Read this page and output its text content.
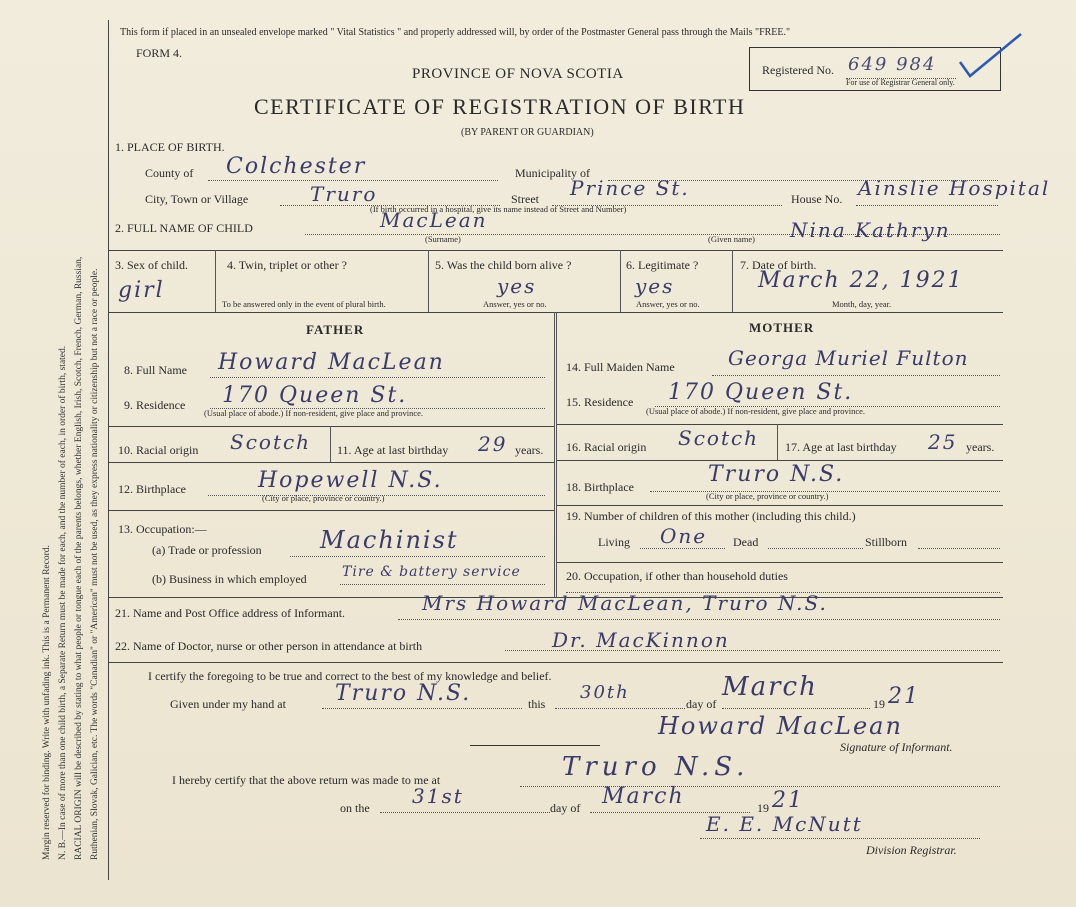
Margin reserved for binding. Write with unfading ink. This is a Permanent Record. N. B.—In case of more than one child birth, a Separate Return must be made for each, and the number of each, in order of birth, stated. RACIAL ORIGIN will be described by stating to what people or tongue each of the parents belongs, whether English, Irish, Scotch, French, German, Russian, Ruthenian, Slovak, Galician, etc. The words "Canadian" or "American" must not be used, as they express nationality or citizenship but not a race or people.
This form if placed in an unsealed envelope marked " Vital Statistics " and properly addressed will, by order of the Postmaster General pass through the Mails "FREE."
FORM 4.
PROVINCE OF NOVA SCOTIA
CERTIFICATE OF REGISTRATION OF BIRTH
(BY PARENT OR GUARDIAN)
Registered No. 649 984
For use of Registrar General only.
1. PLACE OF BIRTH.
County of Colchester	Municipality of
City, Town or Village	Truro	Street Prince St.
(If birth occurred in a hospital, give its name instead of Street and Number)
House No. Ainslie Hospital
2. FULL NAME OF CHILD	MacLean
(Surname)	(Given name) Nina Kathryn
3. Sex of child.
girl
4. Twin, triplet or other ?
To be answered only in the event of plural birth.
5. Was the child born alive ?
yes
Answer, yes or no.
6. Legitimate ?
yes
Answer, yes or no.
7. Date of birth.
March 22, 1921
Month, day, year.
FATHER	MOTHER
8. Full Name Howard MacLean
9. Residence 170 Queen St.
(Usual place of abode.) If non-resident, give place and province.
10. Racial origin Scotch 11. Age at last birthday 29 years.
12. Birthplace	Hopewell N.S.
(City or place, province or country.)
13. Occupation:—
(a) Trade or profession Machinist
(b) Business in which employed	Tire & battery service
14. Full Maiden Name	Georga Muriel Fulton
15. Residence 170 Queen St.
(Usual place of abode.) If non-resident, give place and province.
16. Racial origin Scotch 17. Age at last birthday 25 years.
18. Birthplace	Truro N.S.
(City or place, province or country.)
19. Number of children of this mother (including this child.)
Living One Dead	Stillborn
20. Occupation, if other than household duties
21. Name and Post Office address of Informant.	Mrs Howard MacLean, Truro N.S.
22. Name of Doctor, nurse or other person in attendance at birth	Dr. MacKinnon
I certify the foregoing to be true and correct to the best of my knowledge and belief.
Given under my hand at Truro N.S.	this
30th
day of
March
19 21
Howard MacLean
Signature of Informant.
I hereby certify that the above return was made to me at	Truro N.S.
on the 31st	day of March	19 21
E. E. McNutt
Division Registrar.
